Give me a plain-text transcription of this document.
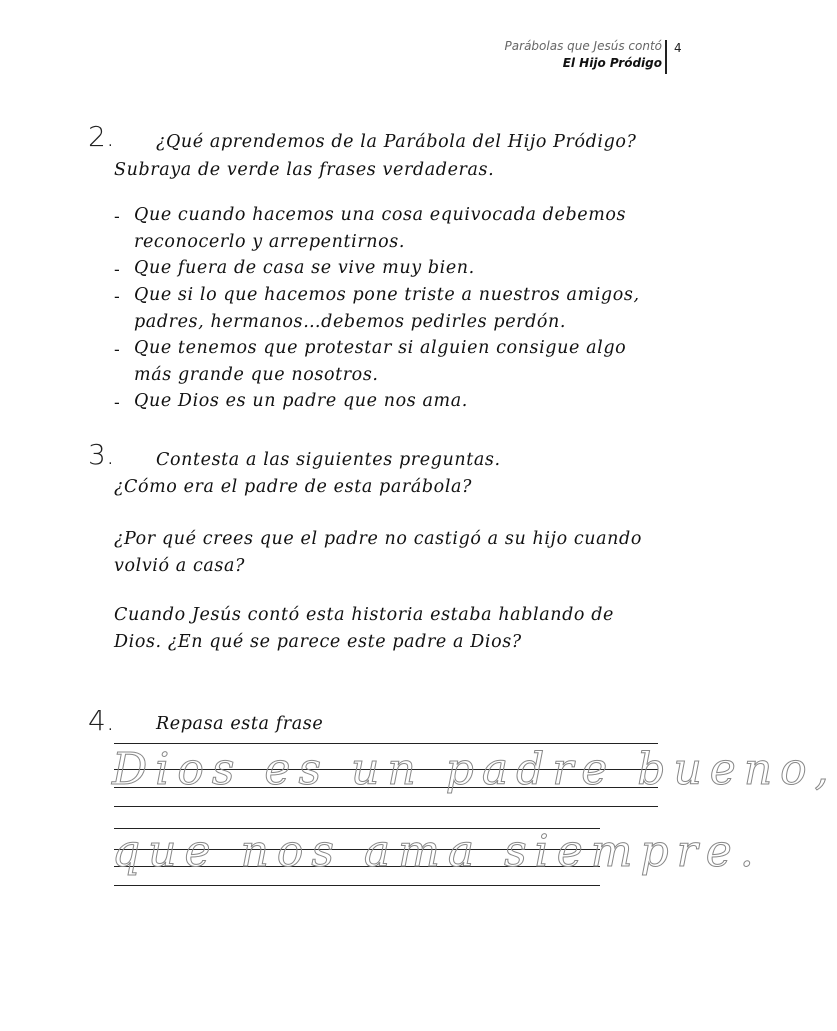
Parábolas que Jesús contó
El Hijo Pródigo
4
2. ¿Qué aprendemos de la Parábola del Hijo Pródigo?
Subraya de verde las frases verdaderas.
- Que cuando hacemos una cosa equivocada debemos
reconocerlo y arrepentirnos.
- Que fuera de casa se vive muy bien.
- Que si lo que hacemos pone triste a nuestros amigos,
padres, hermanos…debemos pedirles perdón.
- Que tenemos que protestar si alguien consigue algo
más grande que nosotros.
- Que Dios es un padre que nos ama.
3. Contesta a las siguientes preguntas.
¿Cómo era el padre de esta parábola?
¿Por qué crees que el padre no castigó a su hijo cuando
volvió a casa?
Cuando Jesús contó esta historia estaba hablando de
Dios. ¿En qué se parece este padre a Dios?
4. Repasa esta frase
Dios es un padre bueno,
que nos ama siempre.
